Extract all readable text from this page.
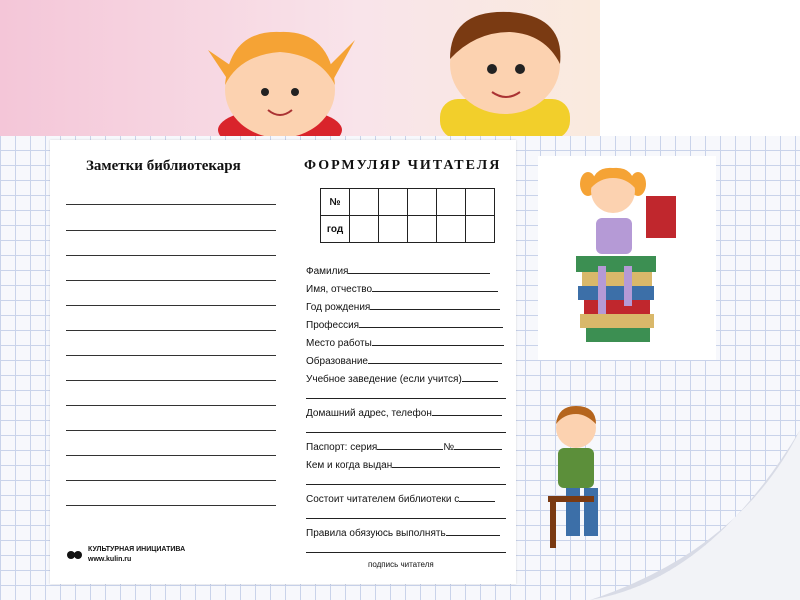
Заметки библиотекаря	ФОРМУЛЯР ЧИТАТЕЛЯ
№					
год					
Фамилия
Имя, отчество
Год рождения
Профессия
Место работы
Образование
Учебное заведение (если учится)
Домашний адрес, телефон
Паспорт: серия	№
Кем и когда выдан
Состоит читателем библиотеки с
Правила обязуюсь выполнять
подпись читателя
КУЛЬТУРНАЯ ИНИЦИАТИВА
www.kulin.ru
